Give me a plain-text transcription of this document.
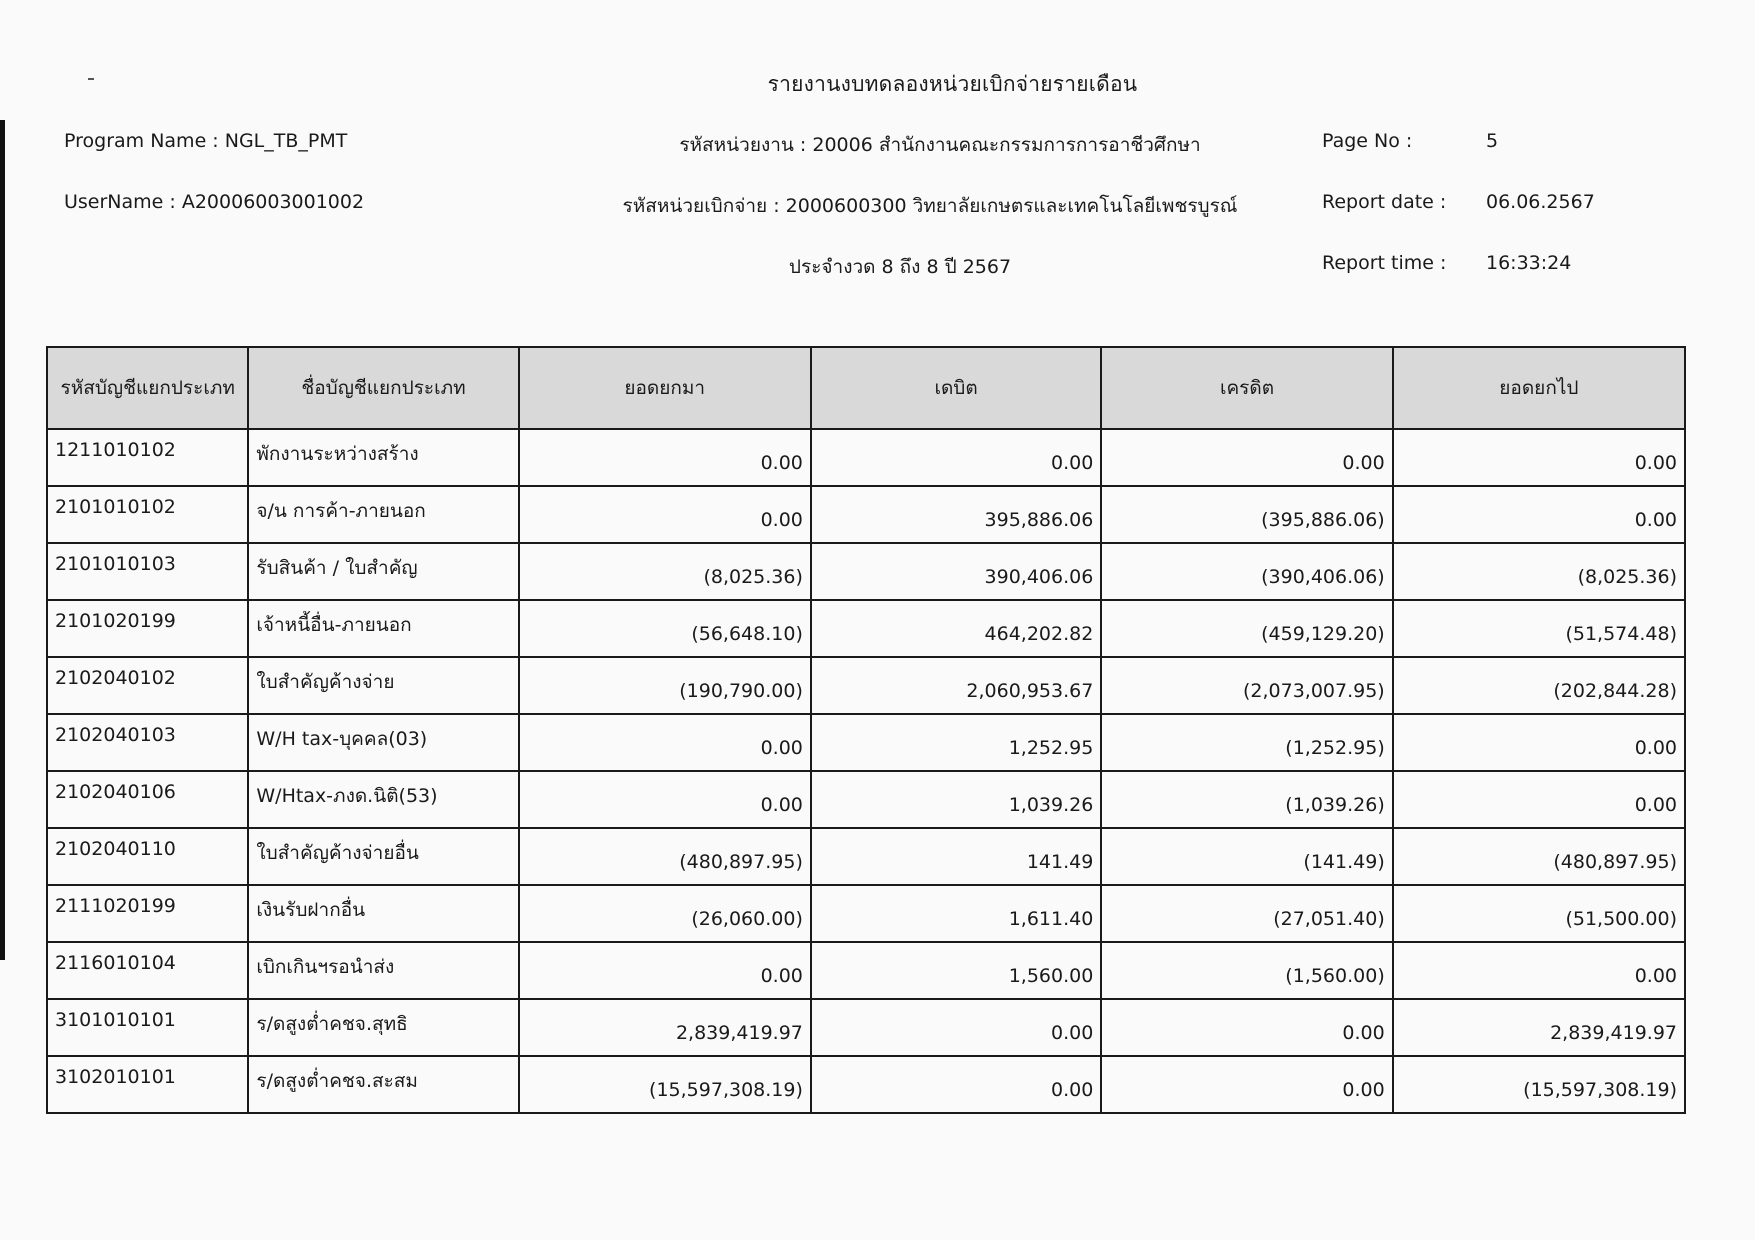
รายงานงบทดลองหน่วยเบิกจ่ายรายเดือน
Program Name : NGL_TB_PMT
UserName : A20006003001002
รหัสหน่วยงาน : 20006 สำนักงานคณะกรรมการการอาชีวศึกษา
รหัสหน่วยเบิกจ่าย : 2000600300 วิทยาลัยเกษตรและเทคโนโลยีเพชรบูรณ์
ประจำงวด 8 ถึง 8 ปี 2567
Page No :	5
Report date : 06.06.2567
Report time : 16:33:24
รหัสบัญชีแยกประเภท	ชื่อบัญชีแยกประเภท	ยอดยกมา	เดบิต	เครดิต	ยอดยกไป
1211010102	พักงานระหว่างสร้าง	0.00	0.00	0.00	0.00
2101010102	จ/น การค้า-ภายนอก	0.00	395,886.06	(395,886.06)	0.00
2101010103	รับสินค้า / ใบสำคัญ	(8,025.36)	390,406.06	(390,406.06)	(8,025.36)
2101020199	เจ้าหนี้อื่น-ภายนอก	(56,648.10)	464,202.82	(459,129.20)	(51,574.48)
2102040102	ใบสำคัญค้างจ่าย	(190,790.00)	2,060,953.67	(2,073,007.95)	(202,844.28)
2102040103	W/H tax-บุคคล(03)	0.00	1,252.95	(1,252.95)	0.00
2102040106	W/Htax-ภงด.นิติ(53)	0.00	1,039.26	(1,039.26)	0.00
2102040110	ใบสำคัญค้างจ่ายอื่น	(480,897.95)	141.49	(141.49)	(480,897.95)
2111020199	เงินรับฝากอื่น	(26,060.00)	1,611.40	(27,051.40)	(51,500.00)
2116010104	เบิกเกินฯรอนำส่ง	0.00	1,560.00	(1,560.00)	0.00
3101010101	ร/ดสูงต่ำคชจ.สุทธิ	2,839,419.97	0.00	0.00	2,839,419.97
3102010101	ร/ดสูงต่ำคชจ.สะสม	(15,597,308.19)	0.00	0.00	(15,597,308.19)
